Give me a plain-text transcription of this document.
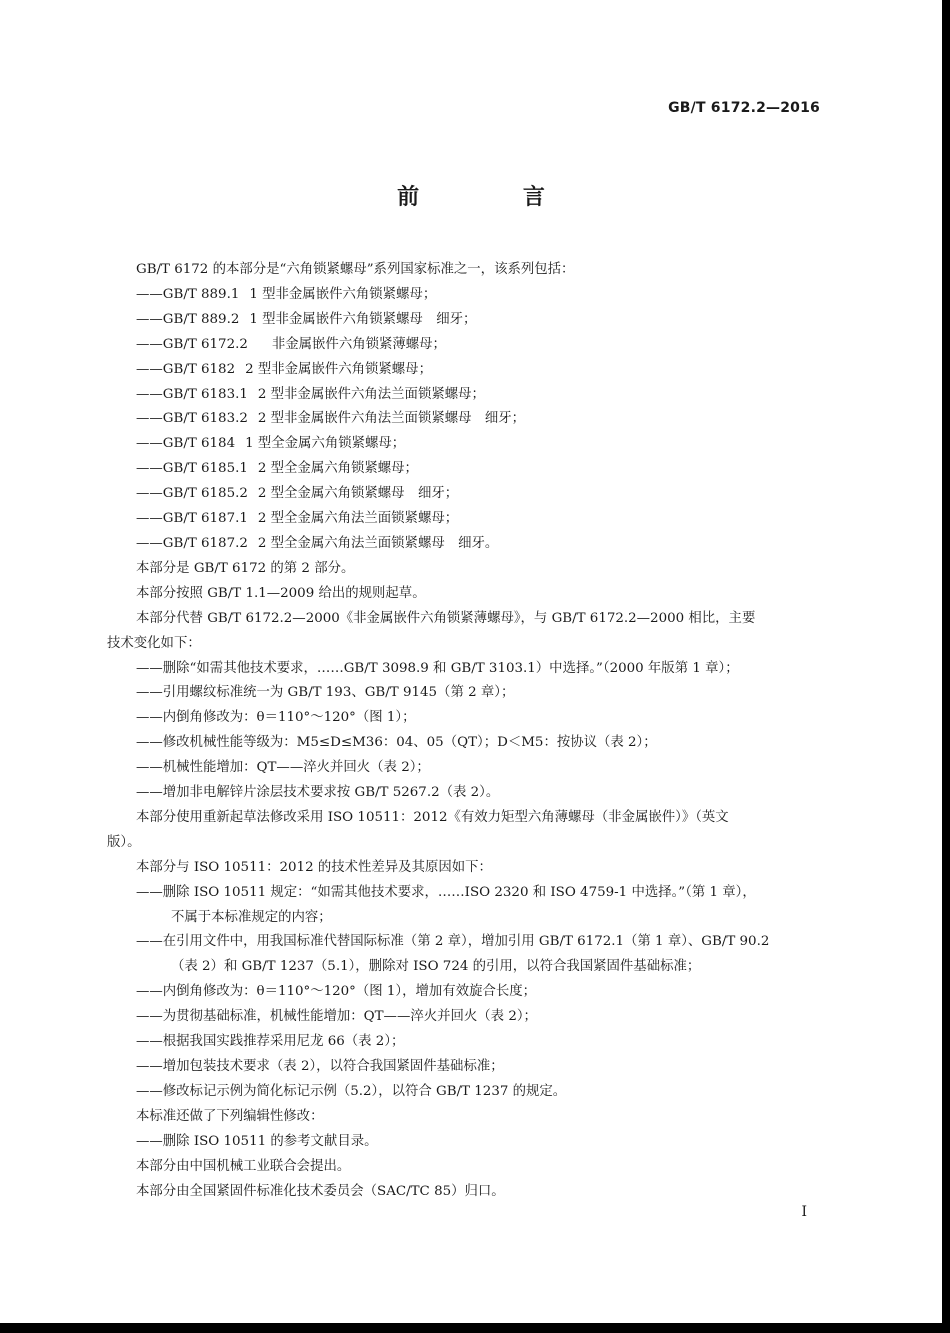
GB/T 6172.2—2016
前 言
GB/T 6172 的本部分是“六角锁紧螺母”系列国家标准之一，该系列包括：
——GB/T 889.1 1 型非金属嵌件六角锁紧螺母；
——GB/T 889.2 1 型非金属嵌件六角锁紧螺母　细牙；
——GB/T 6172.2 非金属嵌件六角锁紧薄螺母；
——GB/T 6182 2 型非金属嵌件六角锁紧螺母；
——GB/T 6183.1 2 型非金属嵌件六角法兰面锁紧螺母；
——GB/T 6183.2 2 型非金属嵌件六角法兰面锁紧螺母　细牙；
——GB/T 6184 1 型全金属六角锁紧螺母；
——GB/T 6185.1 2 型全金属六角锁紧螺母；
——GB/T 6185.2 2 型全金属六角锁紧螺母　细牙；
——GB/T 6187.1 2 型全金属六角法兰面锁紧螺母；
——GB/T 6187.2 2 型全金属六角法兰面锁紧螺母　细牙。
本部分是 GB/T 6172 的第 2 部分。
本部分按照 GB/T 1.1—2009 给出的规则起草。
本部分代替 GB/T 6172.2—2000《非金属嵌件六角锁紧薄螺母》，与 GB/T 6172.2—2000 相比，主要
技术变化如下：
——删除“如需其他技术要求，……GB/T 3098.9 和 GB/T 3103.1）中选择。”（2000 年版第 1 章）；
——引用螺纹标准统一为 GB/T 193、GB/T 9145（第 2 章）；
——内倒角修改为：θ＝110°～120°（图 1）；
——修改机械性能等级为：M5≤D≤M36：04、05（QT）；D＜M5：按协议（表 2）；
——机械性能增加：QT——淬火并回火（表 2）；
——增加非电解锌片涂层技术要求按 GB/T 5267.2（表 2）。
本部分使用重新起草法修改采用 ISO 10511：2012《有效力矩型六角薄螺母（非金属嵌件）》（英文
版）。
本部分与 ISO 10511：2012 的技术性差异及其原因如下：
——删除 ISO 10511 规定：“如需其他技术要求，……ISO 2320 和 ISO 4759-1 中选择。”（第 1 章），
不属于本标准规定的内容；
——在引用文件中，用我国标准代替国际标准（第 2 章），增加引用 GB/T 6172.1（第 1 章）、GB/T 90.2
（表 2）和 GB/T 1237（5.1），删除对 ISO 724 的引用，以符合我国紧固件基础标准；
——内倒角修改为：θ＝110°～120°（图 1），增加有效旋合长度；
——为贯彻基础标准，机械性能增加：QT——淬火并回火（表 2）；
——根据我国实践推荐采用尼龙 66（表 2）；
——增加包装技术要求（表 2），以符合我国紧固件基础标准；
——修改标记示例为简化标记示例（5.2），以符合 GB/T 1237 的规定。
本标准还做了下列编辑性修改：
——删除 ISO 10511 的参考文献目录。
本部分由中国机械工业联合会提出。
本部分由全国紧固件标准化技术委员会（SAC/TC 85）归口。
I
